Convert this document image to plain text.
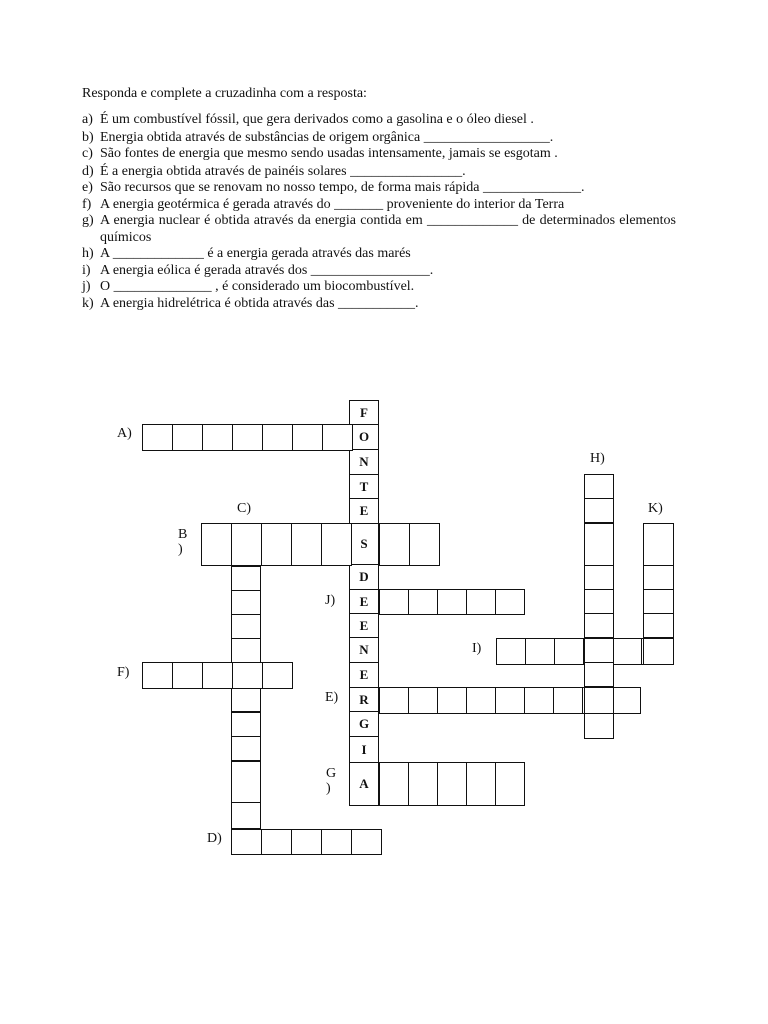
Responda e complete a cruzadinha com a resposta:
a) É um combustível fóssil, que gera derivados como a gasolina e o óleo diesel .
b) Energia obtida através de substâncias de origem orgânica __________________.
c) São fontes de energia que mesmo sendo usadas intensamente, jamais se esgotam .
d) É a energia obtida através de painéis solares ________________.
e) São recursos que se renovam no nosso tempo, de forma mais rápida ______________.
f) A energia geotérmica é gerada através do _______ proveniente do interior da Terra
g) A energia nuclear é obtida através da energia contida em _____________ de determinados elementos químicos
h) A _____________ é a energia gerada através das marés
i) A energia eólica é gerada através dos _________________.
j) O ______________ , é considerado um biocombustível.
k) A energia hidrelétrica é obtida através das ___________.
A)
B )
C)
D)
E)
F)
G )
H)
I)
J)
K)
F
O
N
T
E
S
D
E
E
N
E
R
G
I
A
